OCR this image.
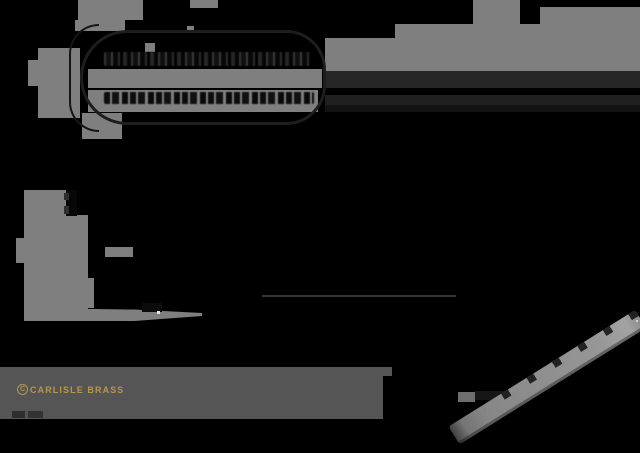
C CARLISLE BRASS
